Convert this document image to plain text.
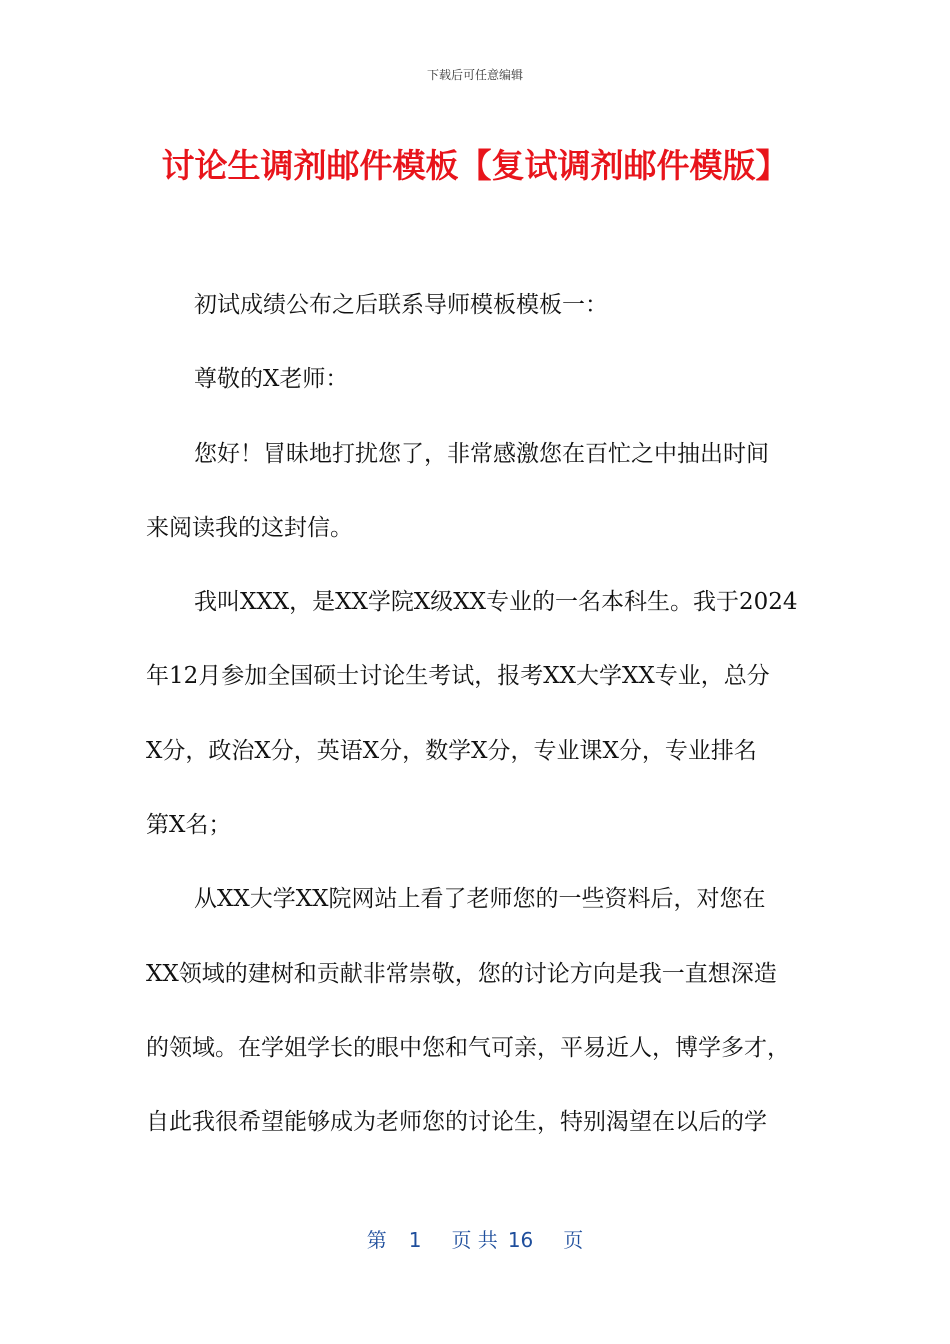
下载后可任意编辑
讨论生调剂邮件模板【复试调剂邮件模版】
初试成绩公布之后联系导师模板模板一：
尊敬的X老师：
您好！冒昧地打扰您了，非常感激您在百忙之中抽出时间
来阅读我的这封信。
我叫XXX，是XX学院X级XX专业的一名本科生。我于2024
年12月参加全国硕士讨论生考试，报考XX大学XX专业，总分
X分，政治X分，英语X分，数学X分，专业课X分，专业排名
第X名；
从XX大学XX院网站上看了老师您的一些资料后，对您在
XX领域的建树和贡献非常崇敬，您的讨论方向是我一直想深造
的领域。在学姐学长的眼中您和气可亲，平易近人，博学多才，
自此我很希望能够成为老师您的讨论生，特别渴望在以后的学
第 1 页 共 16 页
